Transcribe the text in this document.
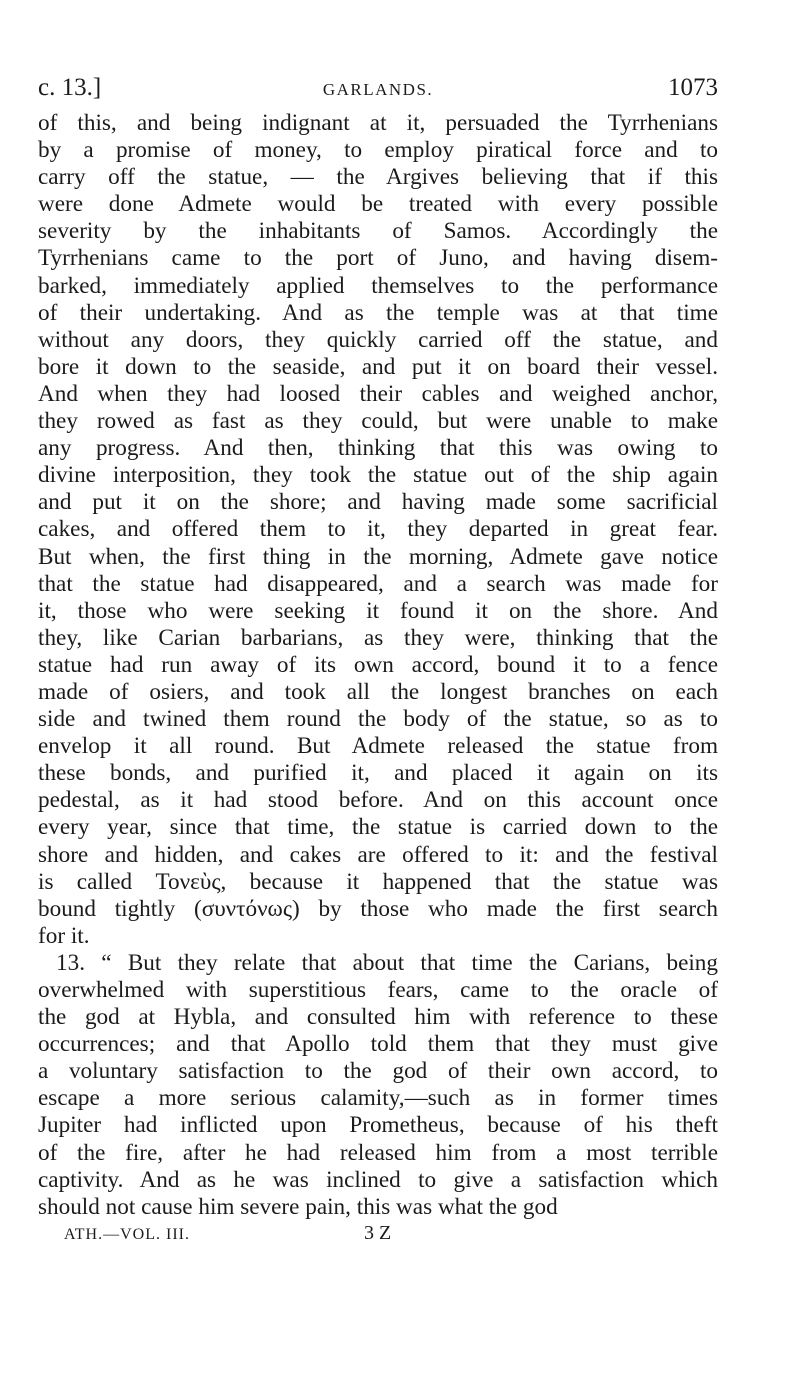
c. 13.]	GARLANDS.	1073
of this, and being indignant at it, persuaded the Tyrrhenians
by a promise of money, to employ piratical force and to
carry off the statue, — the Argives believing that if this
were done Admete would be treated with every possible
severity by the inhabitants of Samos. Accordingly the
Tyrrhenians came to the port of Juno, and having disem-
barked, immediately applied themselves to the performance
of their undertaking. And as the temple was at that time
without any doors, they quickly carried off the statue, and
bore it down to the seaside, and put it on board their vessel.
And when they had loosed their cables and weighed anchor,
they rowed as fast as they could, but were unable to make
any progress. And then, thinking that this was owing to
divine interposition, they took the statue out of the ship again
and put it on the shore; and having made some sacrificial
cakes, and offered them to it, they departed in great fear.
But when, the first thing in the morning, Admete gave notice
that the statue had disappeared, and a search was made for
it, those who were seeking it found it on the shore. And
they, like Carian barbarians, as they were, thinking that the
statue had run away of its own accord, bound it to a fence
made of osiers, and took all the longest branches on each
side and twined them round the body of the statue, so as to
envelop it all round. But Admete released the statue from
these bonds, and purified it, and placed it again on its
pedestal, as it had stood before. And on this account once
every year, since that time, the statue is carried down to the
shore and hidden, and cakes are offered to it: and the festival
is called Τονεὺς, because it happened that the statue was
bound tightly (συντόνως) by those who made the first search
for it.
13. “ But they relate that about that time the Carians, being
overwhelmed with superstitious fears, came to the oracle of
the god at Hybla, and consulted him with reference to these
occurrences; and that Apollo told them that they must give
a voluntary satisfaction to the god of their own accord, to
escape a more serious calamity,—such as in former times
Jupiter had inflicted upon Prometheus, because of his theft
of the fire, after he had released him from a most terrible
captivity. And as he was inclined to give a satisfaction which
should not cause him severe pain, this was what the god
ATH.—VOL. III.	3 Z
